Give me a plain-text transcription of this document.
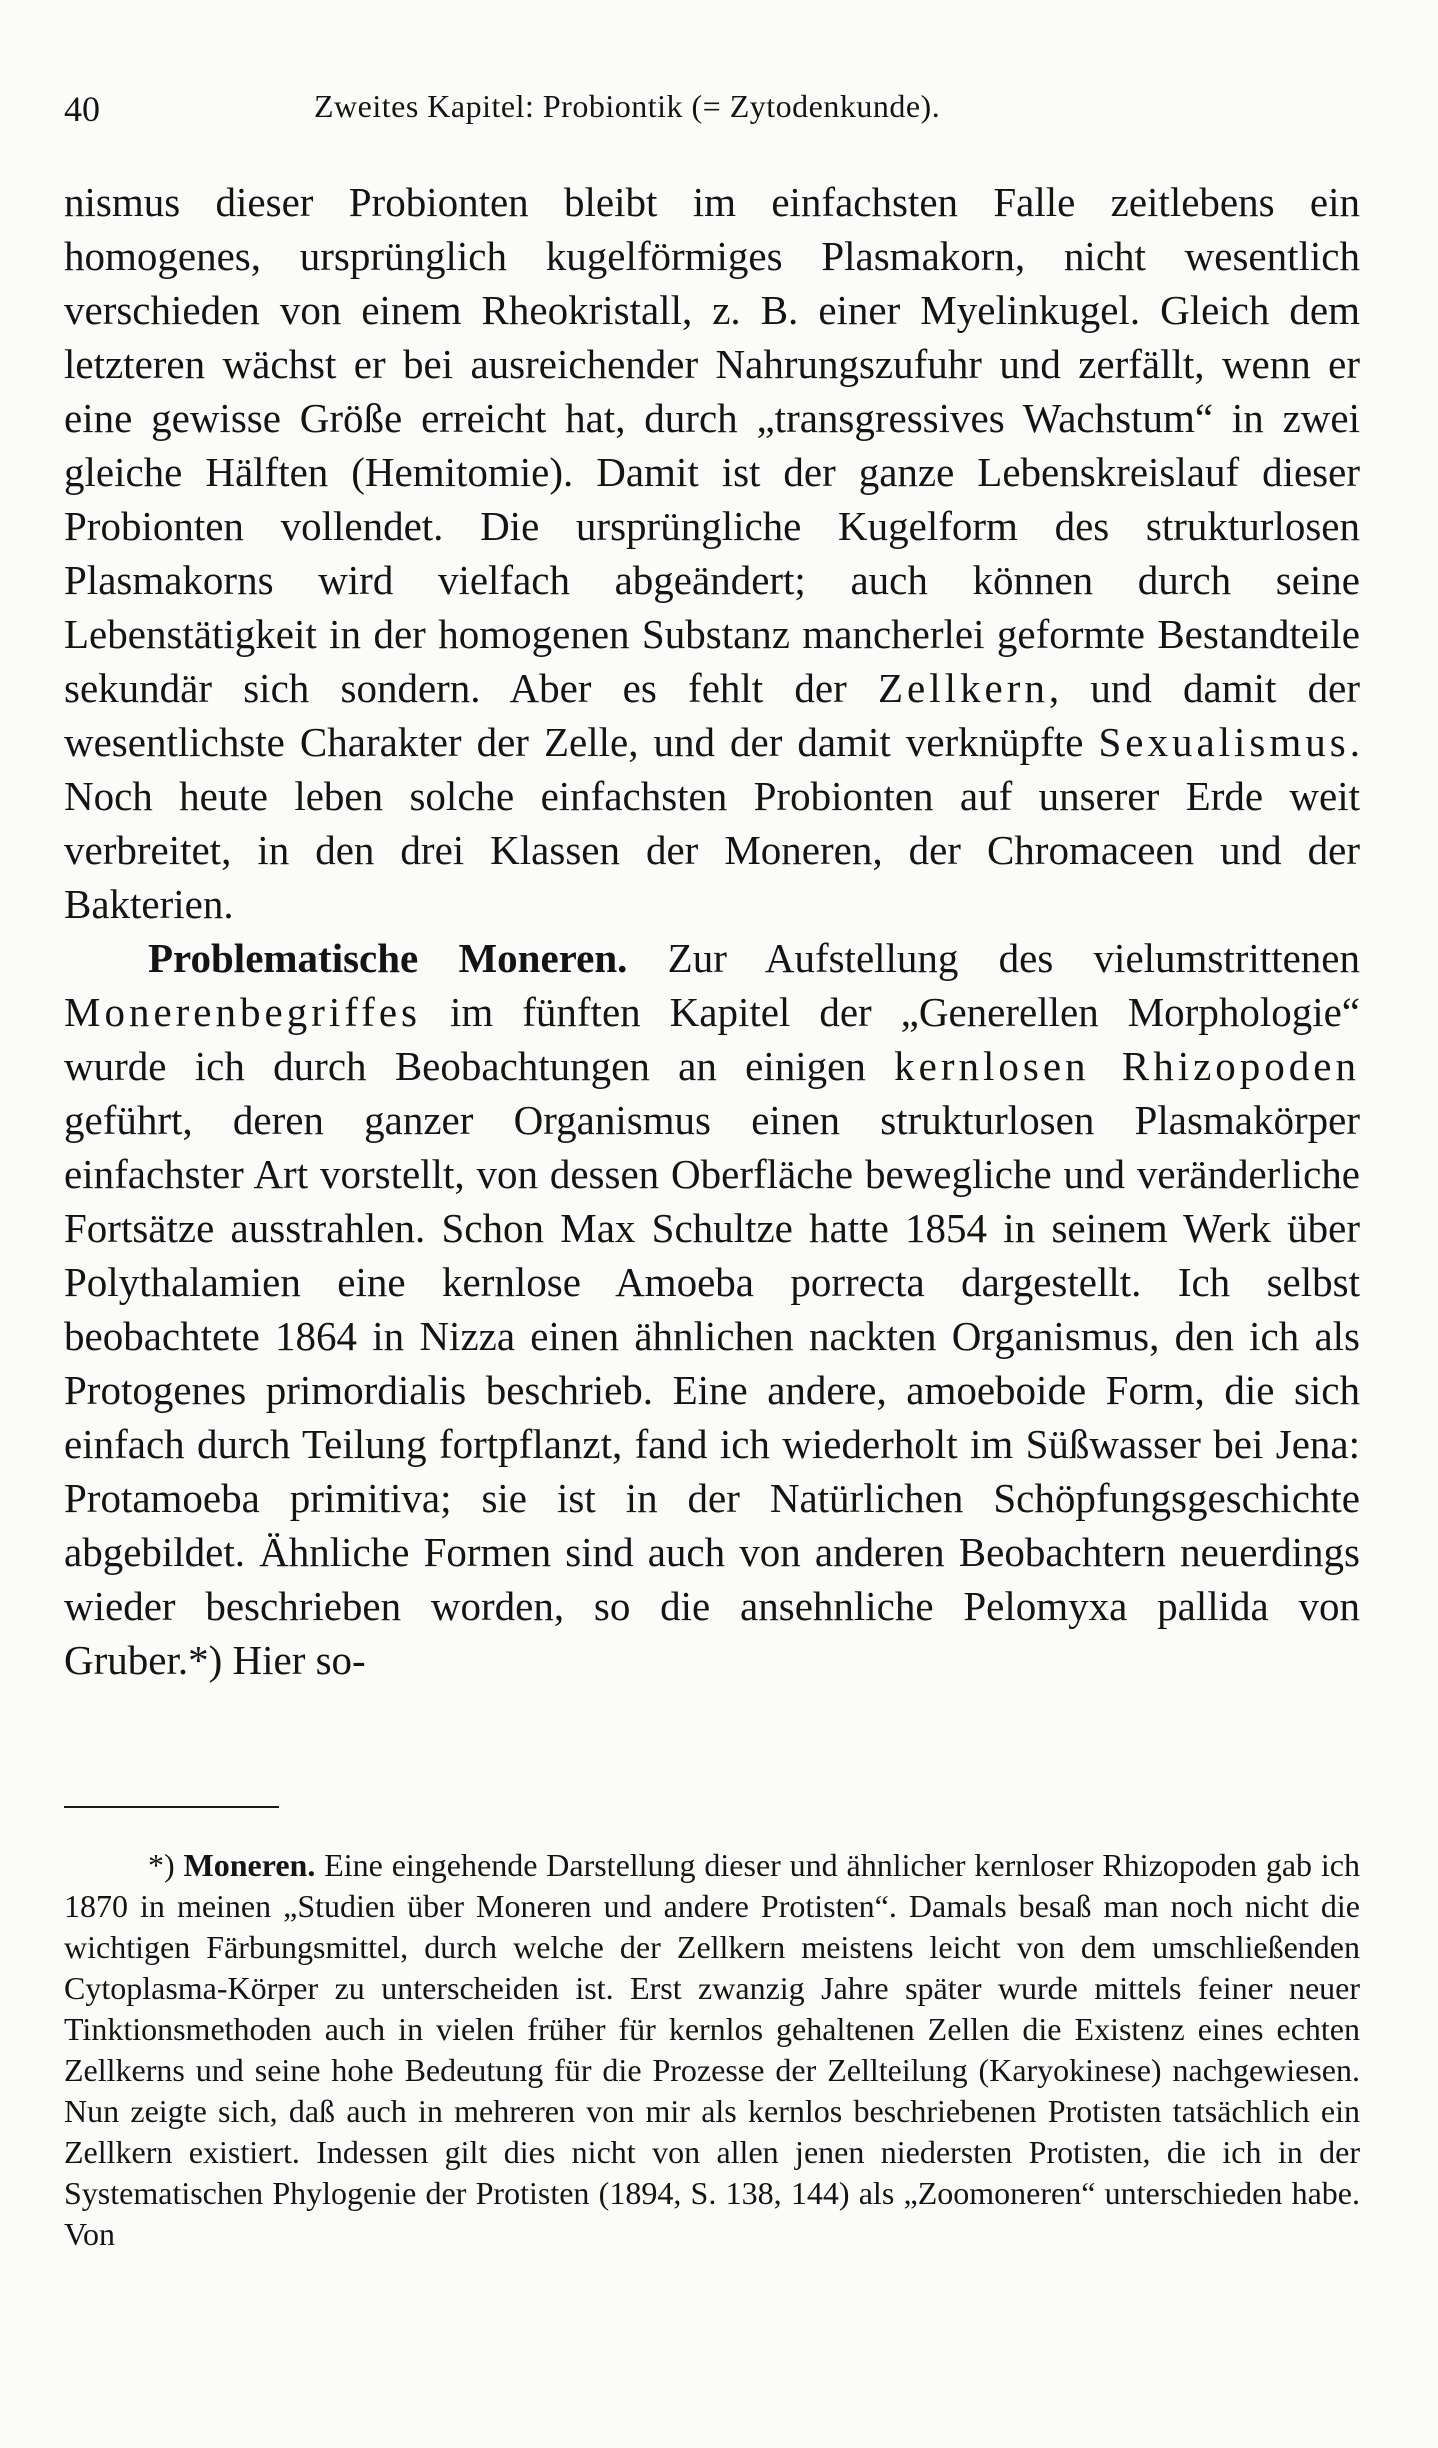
40	Zweites Kapitel: Probiontik (= Zytodenkunde).

nismus dieser Probionten bleibt im einfachsten Falle zeitlebens ein homogenes, ursprünglich kugelförmiges Plasmakorn, nicht wesentlich verschieden von einem Rheokristall, z. B. einer Myelinkugel. Gleich dem letzteren wächst er bei ausreichender Nahrungszufuhr und zerfällt, wenn er eine gewisse Größe erreicht hat, durch „transgressives Wachstum“ in zwei gleiche Hälften (Hemitomie). Damit ist der ganze Lebenskreislauf dieser Probionten vollendet. Die ursprüngliche Kugelform des strukturlosen Plasmakorns wird vielfach abgeändert; auch können durch seine Lebenstätigkeit in der homogenen Substanz mancherlei geformte Bestandteile sekundär sich sondern. Aber es fehlt der Zellkern, und damit der wesentlichste Charakter der Zelle, und der damit verknüpfte Sexualismus. Noch heute leben solche einfachsten Probionten auf unserer Erde weit verbreitet, in den drei Klassen der Moneren, der Chromaceen und der Bakterien.

Problematische Moneren. Zur Aufstellung des vielumstrittenen Monerenbegriffes im fünften Kapitel der „Generellen Morphologie“ wurde ich durch Beobachtungen an einigen kernlosen Rhizopoden geführt, deren ganzer Organismus einen strukturlosen Plasmakörper einfachster Art vorstellt, von dessen Oberfläche bewegliche und veränderliche Fortsätze ausstrahlen. Schon Max Schultze hatte 1854 in seinem Werk über Polythalamien eine kernlose Amoeba porrecta dargestellt. Ich selbst beobachtete 1864 in Nizza einen ähnlichen nackten Organismus, den ich als Protogenes primordialis beschrieb. Eine andere, amoeboide Form, die sich einfach durch Teilung fortpflanzt, fand ich wiederholt im Süßwasser bei Jena: Protamoeba primitiva; sie ist in der Natürlichen Schöpfungsgeschichte abgebildet. Ähnliche Formen sind auch von anderen Beobachtern neuerdings wieder beschrieben worden, so die ansehnliche Pelomyxa pallida von Gruber.*) Hier so-

*) Moneren. Eine eingehende Darstellung dieser und ähnlicher kernloser Rhizopoden gab ich 1870 in meinen „Studien über Moneren und andere Protisten“. Damals besaß man noch nicht die wichtigen Färbungsmittel, durch welche der Zellkern meistens leicht von dem umschließenden Cytoplasma-Körper zu unterscheiden ist. Erst zwanzig Jahre später wurde mittels feiner neuer Tinktionsmethoden auch in vielen früher für kernlos gehaltenen Zellen die Existenz eines echten Zellkerns und seine hohe Bedeutung für die Prozesse der Zellteilung (Karyokinese) nachgewiesen. Nun zeigte sich, daß auch in mehreren von mir als kernlos beschriebenen Protisten tatsächlich ein Zellkern existiert. Indessen gilt dies nicht von allen jenen niedersten Protisten, die ich in der Systematischen Phylogenie der Protisten (1894, S. 138, 144) als „Zoomoneren“ unterschieden habe. Von
